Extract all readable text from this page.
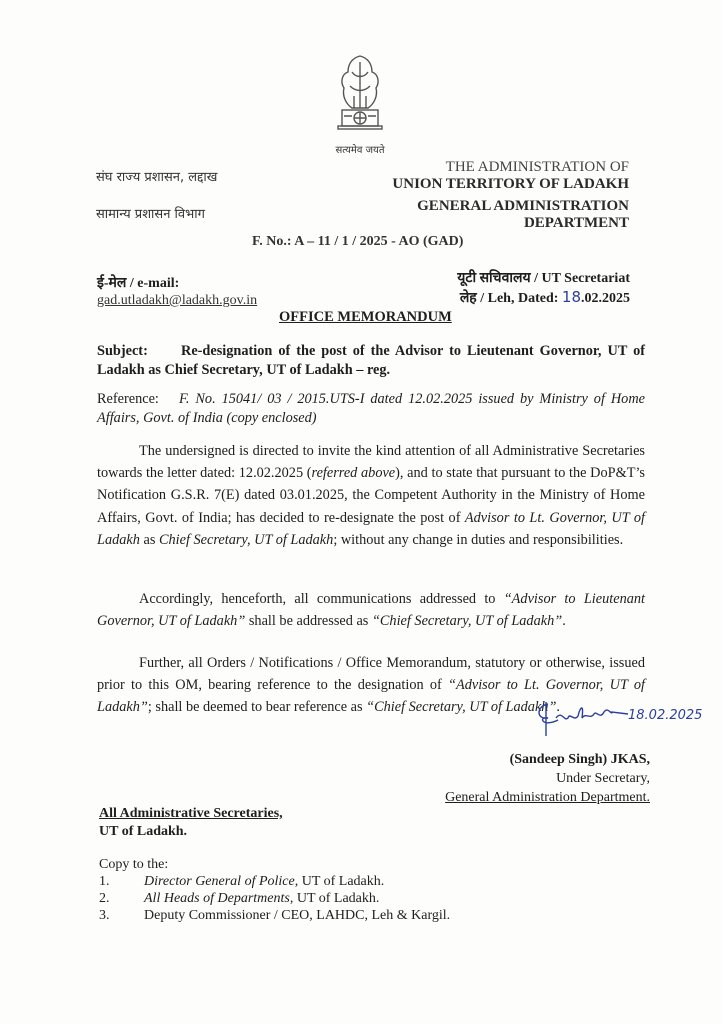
सत्यमेव जयते
संघ राज्य प्रशासन, लद्दाख
सामान्य प्रशासन विभाग
THE ADMINISTRATION OF
UNION TERRITORY OF LADAKH
GENERAL ADMINISTRATION
DEPARTMENT
F. No.: A – 11 / 1 / 2025 - AO (GAD)
ई-मेल / e-mail:
gad.utladakh@ladakh.gov.in
यूटी सचिवालय / UT Secretariat
लेह / Leh, Dated: 18.02.2025
OFFICE MEMORANDUM
Subject: Re-designation of the post of the Advisor to Lieutenant Governor, UT of Ladakh as Chief Secretary, UT of Ladakh – reg.
Reference: F. No. 15041/ 03 / 2015.UTS-I dated 12.02.2025 issued by Ministry of Home Affairs, Govt. of India (copy enclosed)
The undersigned is directed to invite the kind attention of all Administrative Secretaries towards the letter dated: 12.02.2025 (referred above), and to state that pursuant to the DoP&T’s Notification G.S.R. 7(E) dated 03.01.2025, the Competent Authority in the Ministry of Home Affairs, Govt. of India; has decided to re-designate the post of Advisor to Lt. Governor, UT of Ladakh as Chief Secretary, UT of Ladakh; without any change in duties and responsibilities.
Accordingly, henceforth, all communications addressed to “Advisor to Lieutenant Governor, UT of Ladakh” shall be addressed as “Chief Secretary, UT of Ladakh”.
Further, all Orders / Notifications / Office Memorandum, statutory or otherwise, issued prior to this OM, bearing reference to the designation of “Advisor to Lt. Governor, UT of Ladakh”; shall be deemed to bear reference as “Chief Secretary, UT of Ladakh”.
18.02.2025
(Sandeep Singh) JKAS,
Under Secretary,
General Administration Department.
All Administrative Secretaries,
UT of Ladakh.
Copy to the:
1. Director General of Police, UT of Ladakh.
2. All Heads of Departments, UT of Ladakh.
3. Deputy Commissioner / CEO, LAHDC, Leh & Kargil.
